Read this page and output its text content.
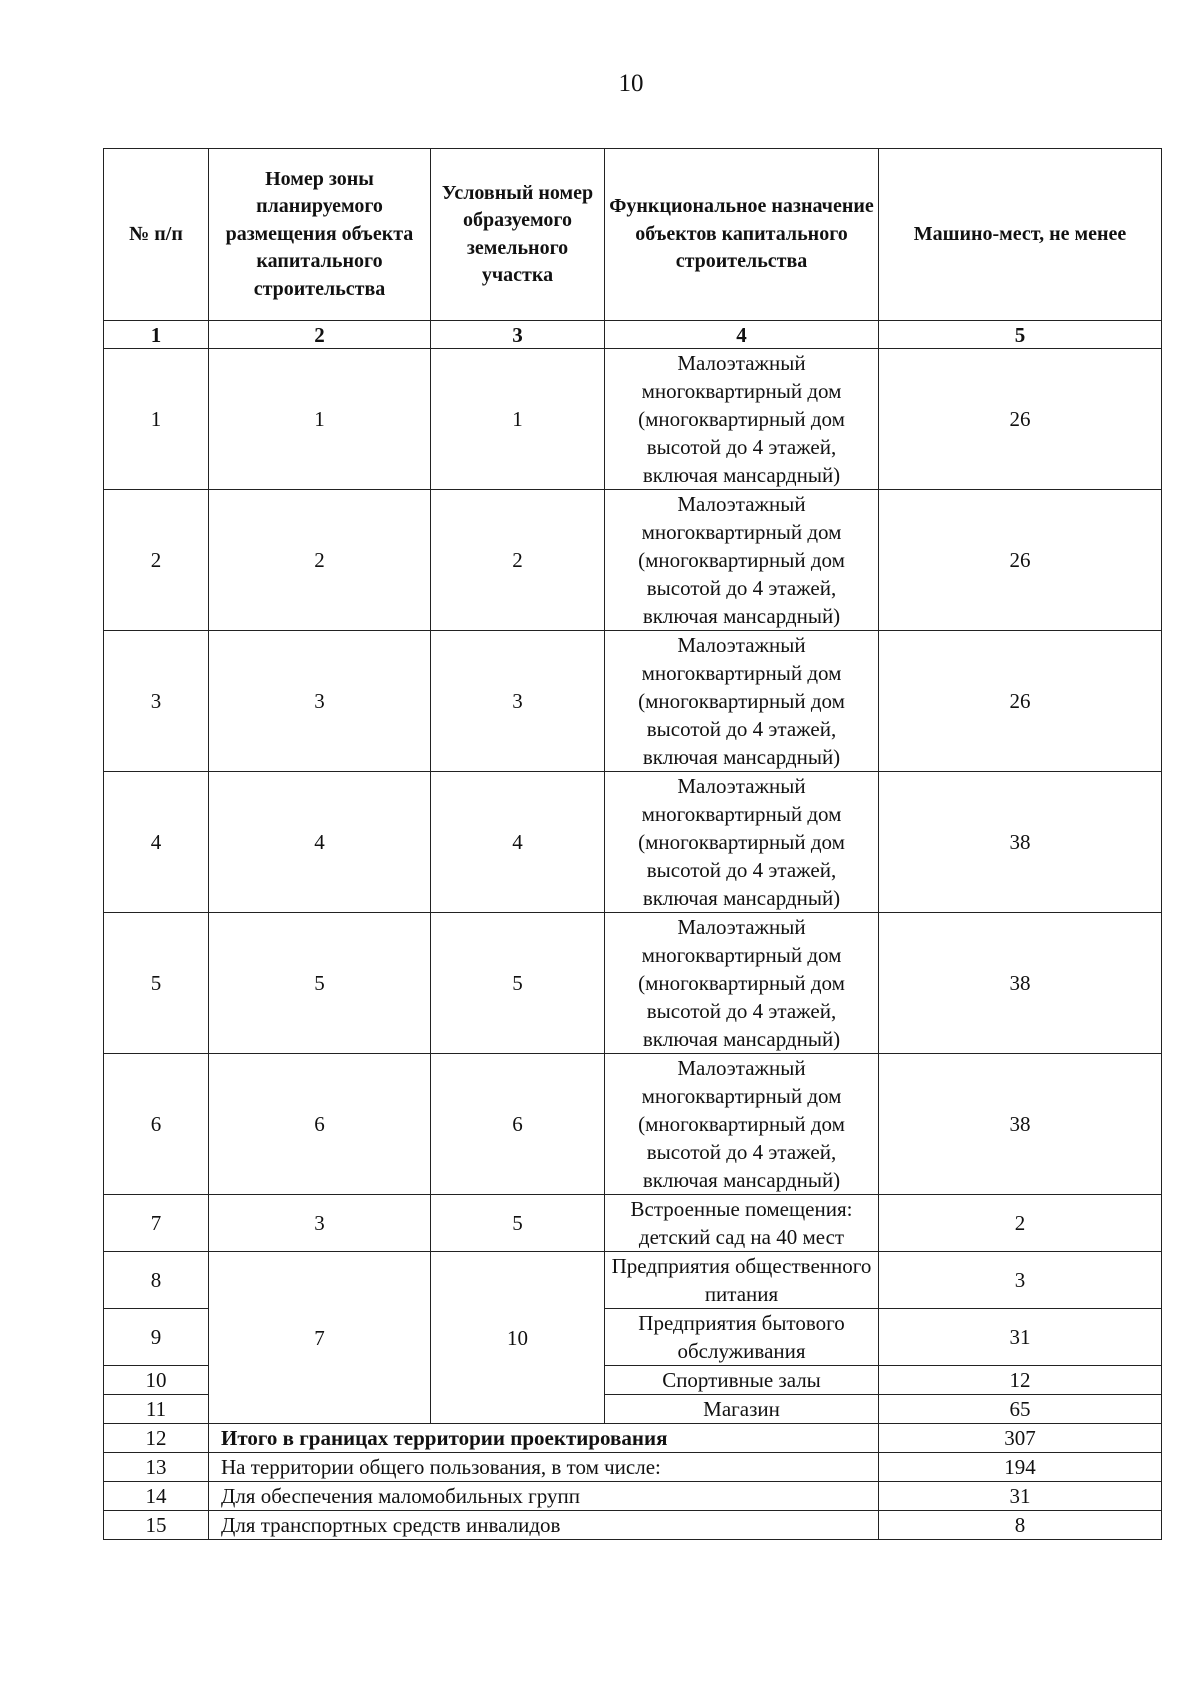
10
№ п/п	Номер зоны планируемого размещения объекта капитального строительства	Условный номер образуемого земельного участка	Функциональное назначение объектов капитального строительства	Машино-мест, не менее
1	2	3	4	5
1	1	1	Малоэтажный многоквартирный дом (многоквартирный дом высотой до 4 этажей, включая мансардный)	26
2	2	2	Малоэтажный многоквартирный дом (многоквартирный дом высотой до 4 этажей, включая мансардный)	26
3	3	3	Малоэтажный многоквартирный дом (многоквартирный дом высотой до 4 этажей, включая мансардный)	26
4	4	4	Малоэтажный многоквартирный дом (многоквартирный дом высотой до 4 этажей, включая мансардный)	38
5	5	5	Малоэтажный многоквартирный дом (многоквартирный дом высотой до 4 этажей, включая мансардный)	38
6	6	6	Малоэтажный многоквартирный дом (многоквартирный дом высотой до 4 этажей, включая мансардный)	38
7	3	5	Встроенные помещения: детский сад на 40 мест	2
8	7	10	Предприятия общественного питания	3
9			Предприятия бытового обслуживания	31
10			Спортивные залы	12
11			Магазин	65
12	Итого в границах территории проектирования			307
13	На территории общего пользования, в том числе:			194
14	Для обеспечения маломобильных групп			31
15	Для транспортных средств инвалидов			8
